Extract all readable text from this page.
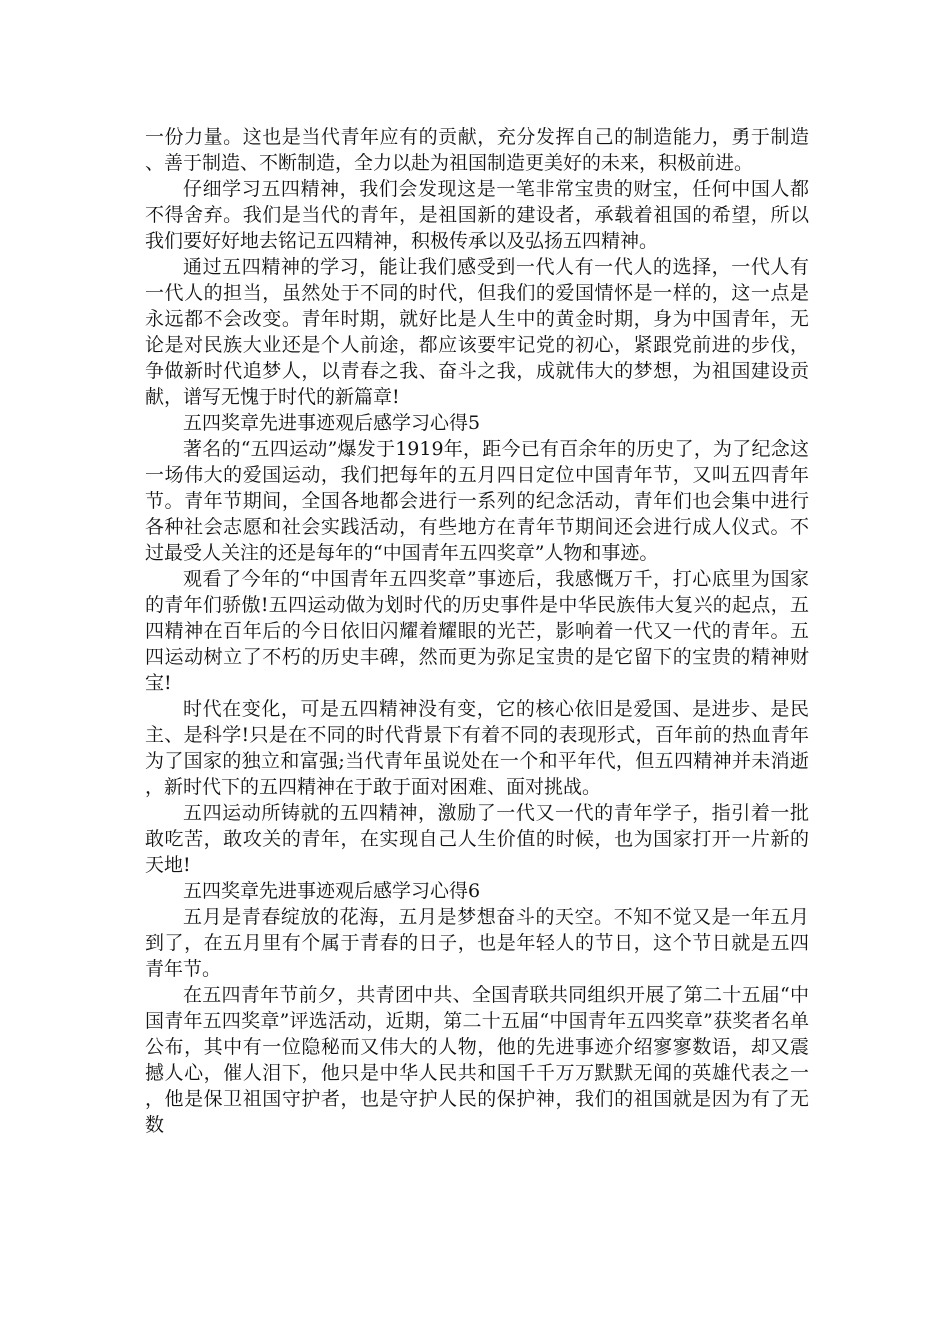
一份力量。这也是当代青年应有的贡献，充分发挥自己的制造能力，勇于制造、善于制造、不断制造，全力以赴为祖国制造更美好的未来，积极前进。

仔细学习五四精神，我们会发现这是一笔非常宝贵的财宝，任何中国人都不得舍弃。我们是当代的青年，是祖国新的建设者，承载着祖国的希望，所以我们要好好地去铭记五四精神，积极传承以及弘扬五四精神。

通过五四精神的学习，能让我们感受到一代人有一代人的选择，一代人有一代人的担当，虽然处于不同的时代，但我们的爱国情怀是一样的，这一点是永远都不会改变。青年时期，就好比是人生中的黄金时期，身为中国青年，无论是对民族大业还是个人前途，都应该要牢记党的初心，紧跟党前进的步伐，争做新时代追梦人，以青春之我、奋斗之我，成就伟大的梦想，为祖国建设贡献，谱写无愧于时代的新篇章!

五四奖章先进事迹观后感学习心得5

著名的“五四运动”爆发于1919年，距今已有百余年的历史了，为了纪念这一场伟大的爱国运动，我们把每年的五月四日定位中国青年节，又叫五四青年节。青年节期间，全国各地都会进行一系列的纪念活动，青年们也会集中进行各种社会志愿和社会实践活动，有些地方在青年节期间还会进行成人仪式。不过最受人关注的还是每年的“中国青年五四奖章”人物和事迹。

观看了今年的“中国青年五四奖章”事迹后，我感慨万千，打心底里为国家的青年们骄傲!五四运动做为划时代的历史事件是中华民族伟大复兴的起点，五四精神在百年后的今日依旧闪耀着耀眼的光芒，影响着一代又一代的青年。五四运动树立了不朽的历史丰碑，然而更为弥足宝贵的是它留下的宝贵的精神财宝!

时代在变化，可是五四精神没有变，它的核心依旧是爱国、是进步、是民主、是科学!只是在不同的时代背景下有着不同的表现形式，百年前的热血青年为了国家的独立和富强;当代青年虽说处在一个和平年代，但五四精神并未消逝，新时代下的五四精神在于敢于面对困难、面对挑战。

五四运动所铸就的五四精神，激励了一代又一代的青年学子，指引着一批敢吃苦，敢攻关的青年，在实现自己人生价值的时候，也为国家打开一片新的天地!

五四奖章先进事迹观后感学习心得6

五月是青春绽放的花海，五月是梦想奋斗的天空。不知不觉又是一年五月到了，在五月里有个属于青春的日子，也是年轻人的节日，这个节日就是五四青年节。

在五四青年节前夕，共青团中共、全国青联共同组织开展了第二十五届“中国青年五四奖章”评选活动，近期，第二十五届“中国青年五四奖章”获奖者名单公布，其中有一位隐秘而又伟大的人物，他的先进事迹介绍寥寥数语，却又震撼人心，催人泪下，他只是中华人民共和国千千万万默默无闻的英雄代表之一，他是保卫祖国守护者，也是守护人民的保护神，我们的祖国就是因为有了无数
